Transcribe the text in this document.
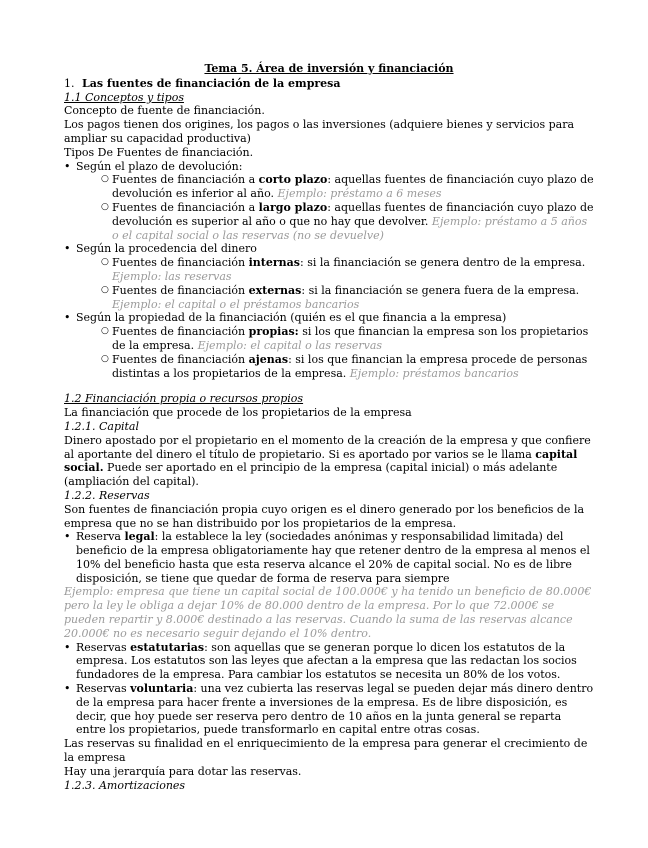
Tema 5. Área de inversión y financiación
1. Las fuentes de financiación de la empresa
1.1 Conceptos y tipos

Concepto de fuente de financiación.

Los pagos tienen dos origines, los pagos o las inversiones (adquiere bienes y servicios para ampliar su capacidad productiva)

Tipos De Fuentes de financiación.

• Según el plazo de devolución:
○ Fuentes de financiación a corto plazo: aquellas fuentes de financiación cuyo plazo de devolución es inferior al año. Ejemplo: préstamo a 6 meses
○ Fuentes de financiación a largo plazo: aquellas fuentes de financiación cuyo plazo de devolución es superior al año o que no hay que devolver. Ejemplo: préstamo a 5 años o el capital social o las reservas (no se devuelve)
• Según la procedencia del dinero
○ Fuentes de financiación internas: si la financiación se genera dentro de la empresa. Ejemplo: las reservas
○ Fuentes de financiación externas: si la financiación se genera fuera de la empresa. Ejemplo: el capital o el préstamos bancarios
• Según la propiedad de la financiación (quién es el que financia a la empresa)
○ Fuentes de financiación propias: si los que financian la empresa son los propietarios de la empresa. Ejemplo: el capital o las reservas
○ Fuentes de financiación ajenas: si los que financian la empresa procede de personas distintas a los propietarios de la empresa. Ejemplo: préstamos bancarios
1.2 Financiación propia o recursos propios

La financiación que procede de los propietarios de la empresa

1.2.1. Capital

Dinero apostado por el propietario en el momento de la creación de la empresa y que confiere al aportante del dinero el título de propietario. Si es aportado por varios se le llama capital social. Puede ser aportado en el principio de la empresa (capital inicial) o más adelante (ampliación del capital).

1.2.2. Reservas

Son fuentes de financiación propia cuyo origen es el dinero generado por los beneficios de la empresa que no se han distribuido por los propietarios de la empresa.

• Reserva legal: la establece la ley (sociedades anónimas y responsabilidad limitada) del beneficio de la empresa obligatoriamente hay que retener dentro de la empresa al menos el 10% del beneficio hasta que esta reserva alcance el 20% de capital social. No es de libre disposición, se tiene que quedar de forma de reserva para siempre

Ejemplo: empresa que tiene un capital social de 100.000€ y ha tenido un beneficio de 80.000€ pero la ley le obliga a dejar 10% de 80.000 dentro de la empresa. Por lo que 72.000€ se pueden repartir y 8.000€ destinado a las reservas. Cuando la suma de las reservas alcance 20.000€ no es necesario seguir dejando el 10% dentro.

• Reservas estatutarias: son aquellas que se generan porque lo dicen los estatutos de la empresa. Los estatutos son las leyes que afectan a la empresa que las redactan los socios fundadores de la empresa. Para cambiar los estatutos se necesita un 80% de los votos.
• Reservas voluntaria: una vez cubierta las reservas legal se pueden dejar más dinero dentro de la empresa para hacer frente a inversiones de la empresa. Es de libre disposición, es decir, que hoy puede ser reserva pero dentro de 10 años en la junta general se reparta entre los propietarios, puede transformarlo en capital entre otras cosas.

Las reservas su finalidad en el enriquecimiento de la empresa para generar el crecimiento de la empresa

Hay una jerarquía para dotar las reservas.

1.2.3. Amortizaciones
